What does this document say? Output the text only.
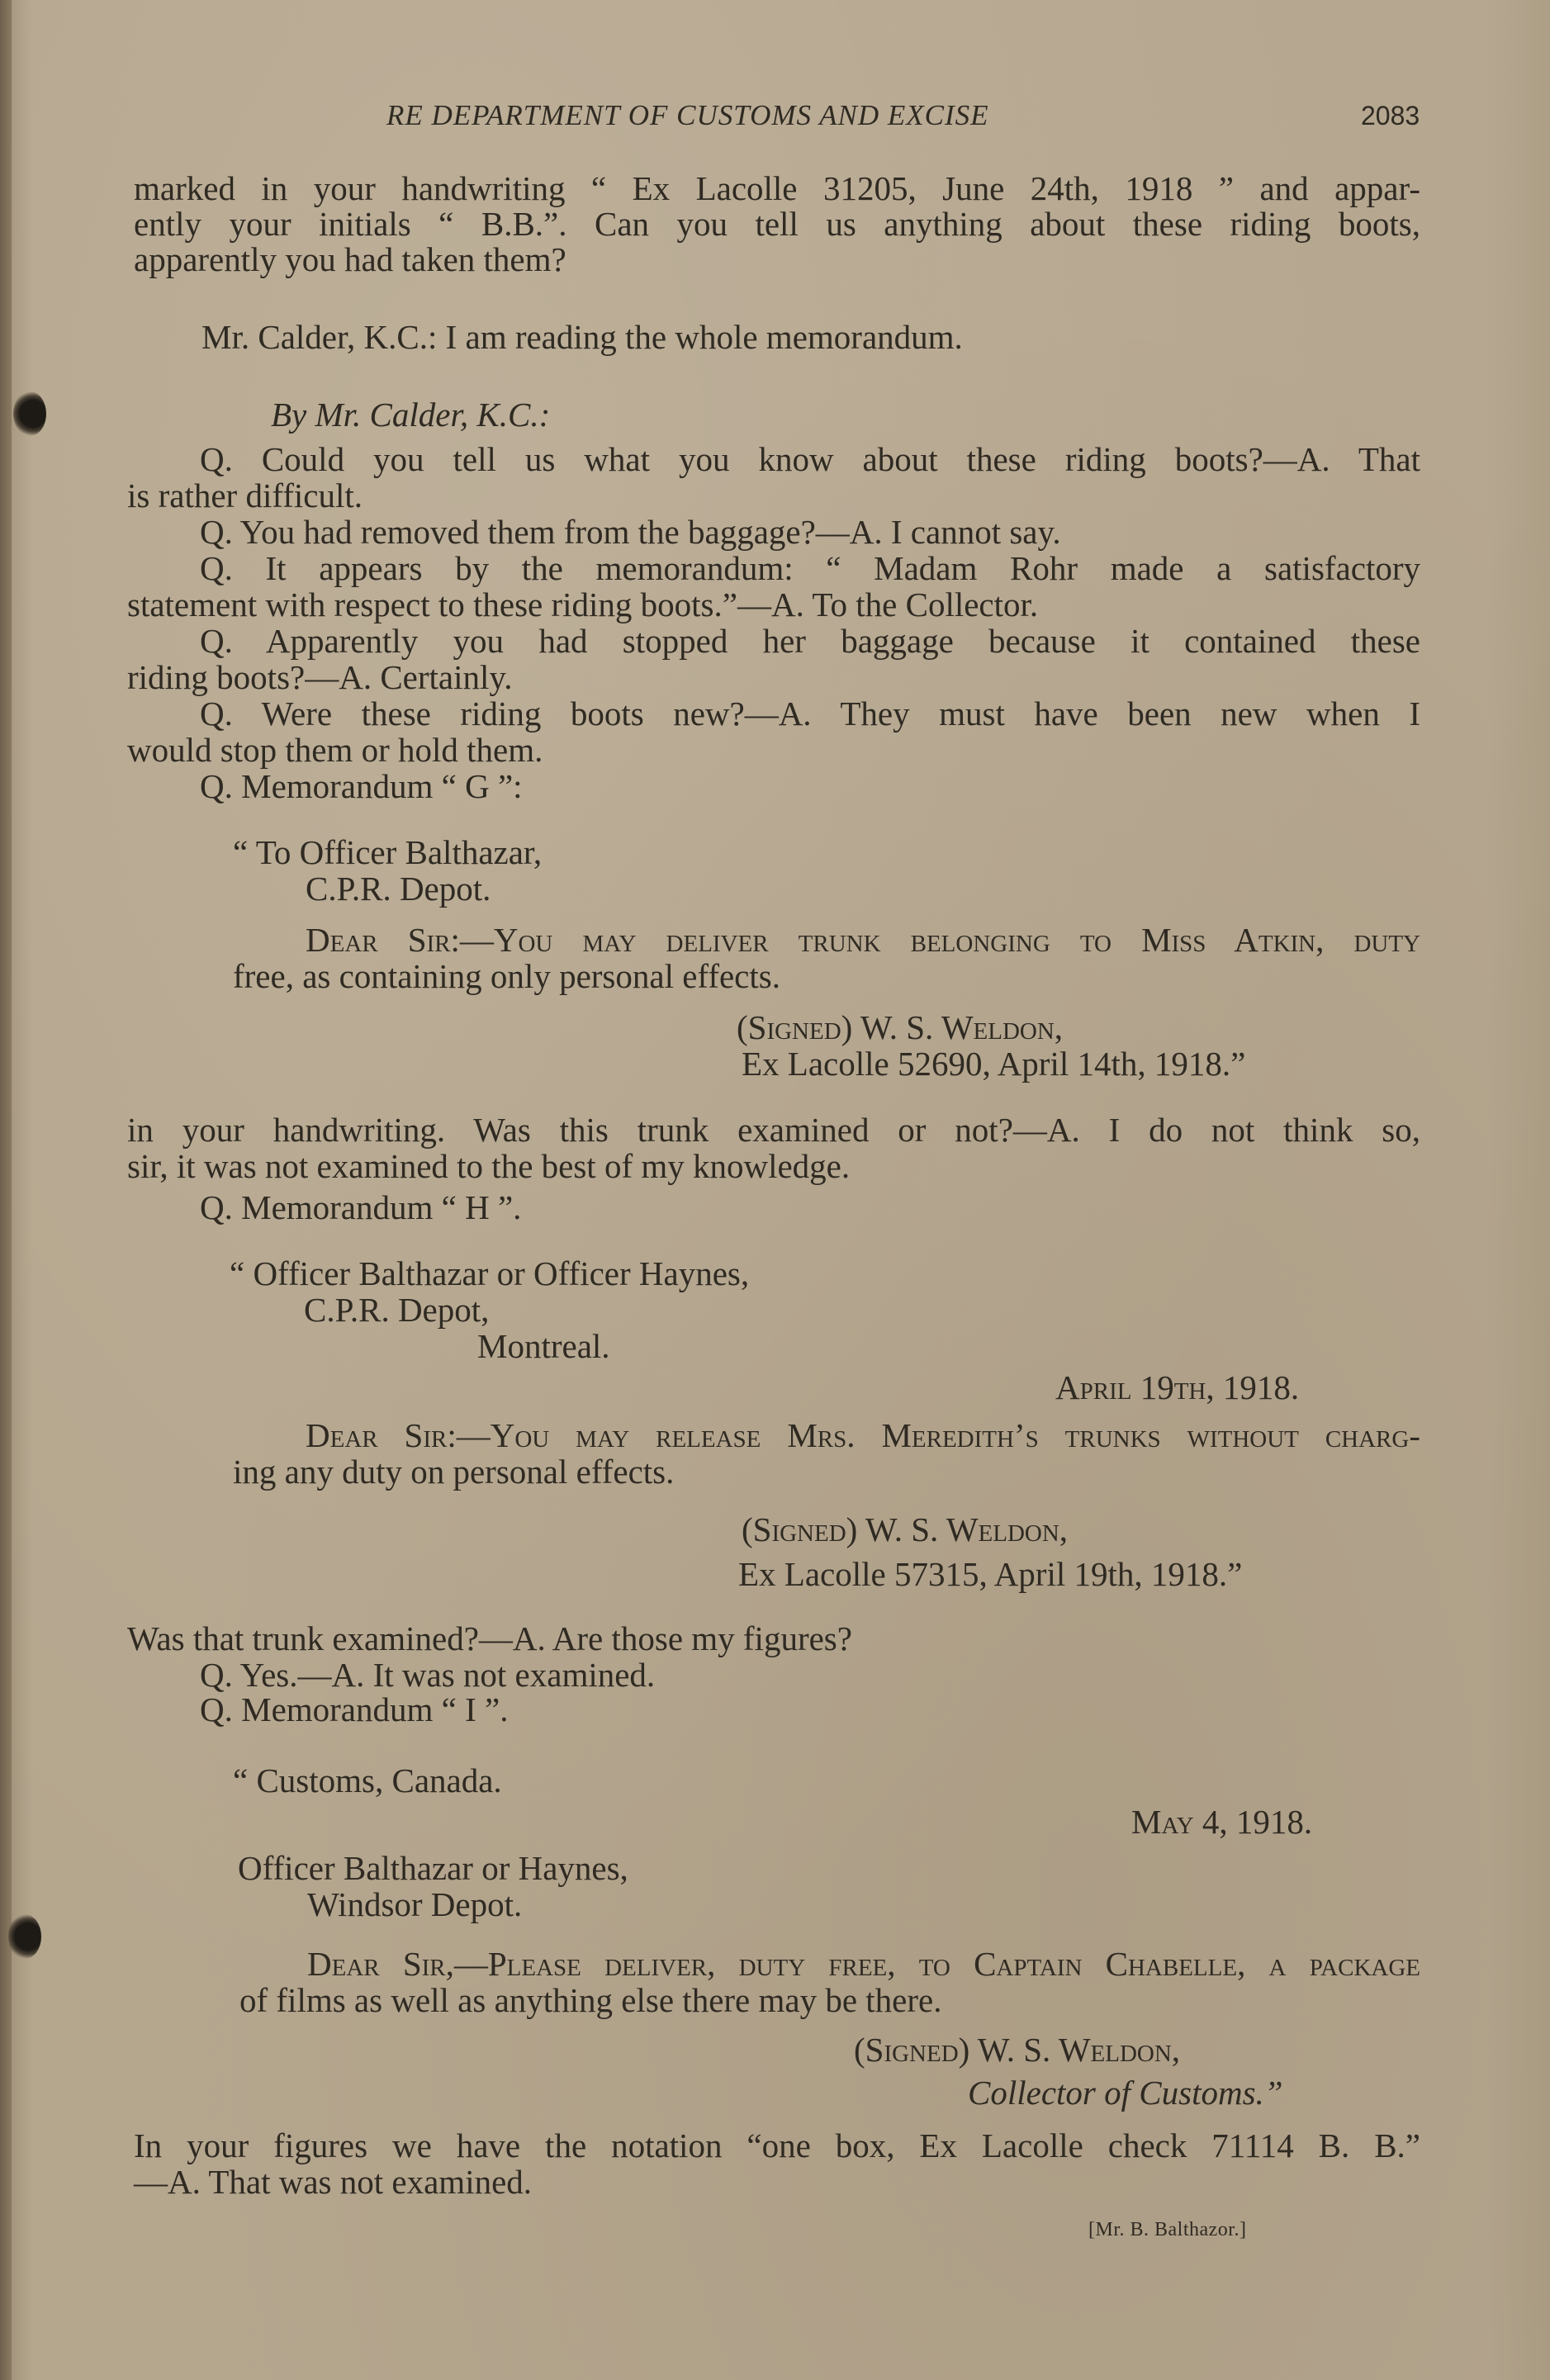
RE DEPARTMENT OF CUSTOMS AND EXCISE	2083
marked in your handwriting “ Ex Lacolle 31205, June 24th, 1918 ” and appar-
ently your initials “ B.B.”. Can you tell us anything about these riding boots,
apparently you had taken them?
Mr. Calder, K.C.: I am reading the whole memorandum.
By Mr. Calder, K.C.:
Q. Could you tell us what you know about these riding boots?—A. That
is rather difficult.
Q. You had removed them from the baggage?—A. I cannot say.
Q. It appears by the memorandum: “ Madam Rohr made a satisfactory
statement with respect to these riding boots.”—A. To the Collector.
Q. Apparently you had stopped her baggage because it contained these
riding boots?—A. Certainly.
Q. Were these riding boots new?—A. They must have been new when I
would stop them or hold them.
Q. Memorandum “ G ”:
“ To Officer Balthazar,
C.P.R. Depot.
Dear Sir:—You may deliver trunk belonging to Miss Atkin, duty
free, as containing only personal effects.
(Signed) W. S. Weldon,
Ex Lacolle 52690, April 14th, 1918.”
in your handwriting. Was this trunk examined or not?—A. I do not think so,
sir, it was not examined to the best of my knowledge.
Q. Memorandum “ H ”.
“ Officer Balthazar or Officer Haynes,
C.P.R. Depot,
Montreal.
April 19th, 1918.
Dear Sir:—You may release Mrs. Meredith’s trunks without charg-
ing any duty on personal effects.
(Signed) W. S. Weldon,
Ex Lacolle 57315, April 19th, 1918.”
Was that trunk examined?—A. Are those my figures?
Q. Yes.—A. It was not examined.
Q. Memorandum “ I ”.
“ Customs, Canada.
May 4, 1918.
Officer Balthazar or Haynes,
Windsor Depot.
Dear Sir,—Please deliver, duty free, to Captain Chabelle, a package
of films as well as anything else there may be there.
(Signed) W. S. Weldon,
Collector of Customs.”
In your figures we have the notation “one box, Ex Lacolle check 71114 B. B.”
—A. That was not examined.
[Mr. B. Balthazor.]
